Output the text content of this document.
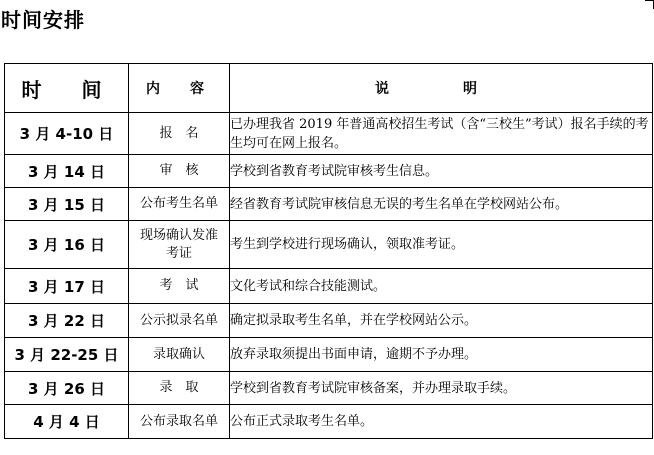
时间安排
时　间	内　容	说　明
3 月 4-10 日	报　名	已办理我省 2019 年普通高校招生考试（含“三校生”考试）报名手续的考生均可在网上报名。
3 月 14 日	审　核	学校到省教育考试院审核考生信息。
3 月 15 日	公布考生名单	经省教育考试院审核信息无误的考生名单在学校网站公布。
3 月 16 日	现场确认发准考证	考生到学校进行现场确认，领取准考证。
3 月 17 日	考　试	文化考试和综合技能测试。
3 月 22 日	公示拟录名单	确定拟录取考生名单，并在学校网站公示。
3 月 22-25 日	录取确认	放弃录取须提出书面申请，逾期不予办理。
3 月 26 日	录　取	学校到省教育考试院审核备案，并办理录取手续。
4 月 4 日	公布录取名单	公布正式录取考生名单。
